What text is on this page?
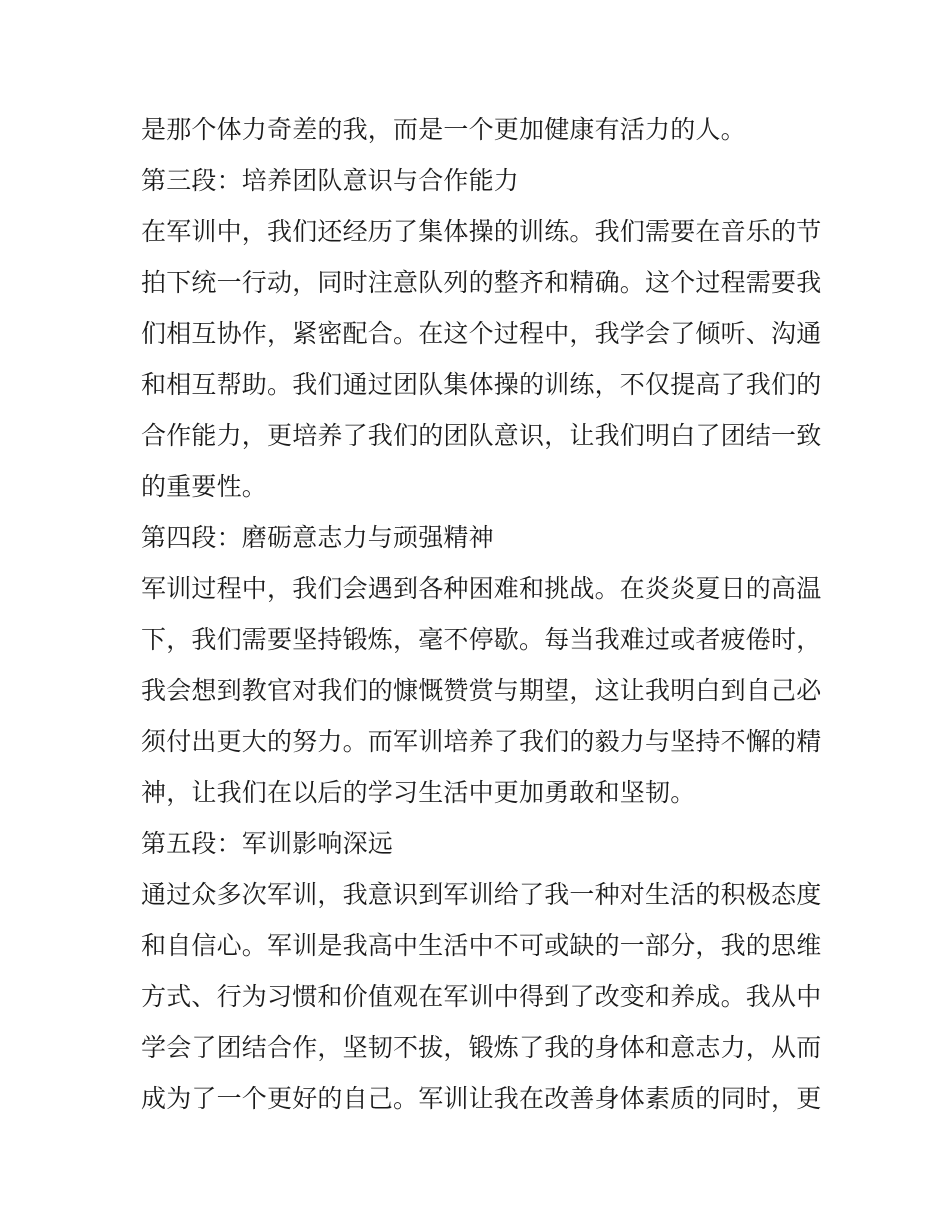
是那个体力奇差的我，而是一个更加健康有活力的人。
第三段：培养团队意识与合作能力
在军训中，我们还经历了集体操的训练。我们需要在音乐的节
拍下统一行动，同时注意队列的整齐和精确。这个过程需要我
们相互协作，紧密配合。在这个过程中，我学会了倾听、沟通
和相互帮助。我们通过团队集体操的训练，不仅提高了我们的
合作能力，更培养了我们的团队意识，让我们明白了团结一致
的重要性。
第四段：磨砺意志力与顽强精神
军训过程中，我们会遇到各种困难和挑战。在炎炎夏日的高温
下，我们需要坚持锻炼，毫不停歇。每当我难过或者疲倦时，
我会想到教官对我们的慷慨赞赏与期望，这让我明白到自己必
须付出更大的努力。而军训培养了我们的毅力与坚持不懈的精
神，让我们在以后的学习生活中更加勇敢和坚韧。
第五段：军训影响深远
通过众多次军训，我意识到军训给了我一种对生活的积极态度
和自信心。军训是我高中生活中不可或缺的一部分，我的思维
方式、行为习惯和价值观在军训中得到了改变和养成。我从中
学会了团结合作，坚韧不拔，锻炼了我的身体和意志力，从而
成为了一个更好的自己。军训让我在改善身体素质的同时，更
